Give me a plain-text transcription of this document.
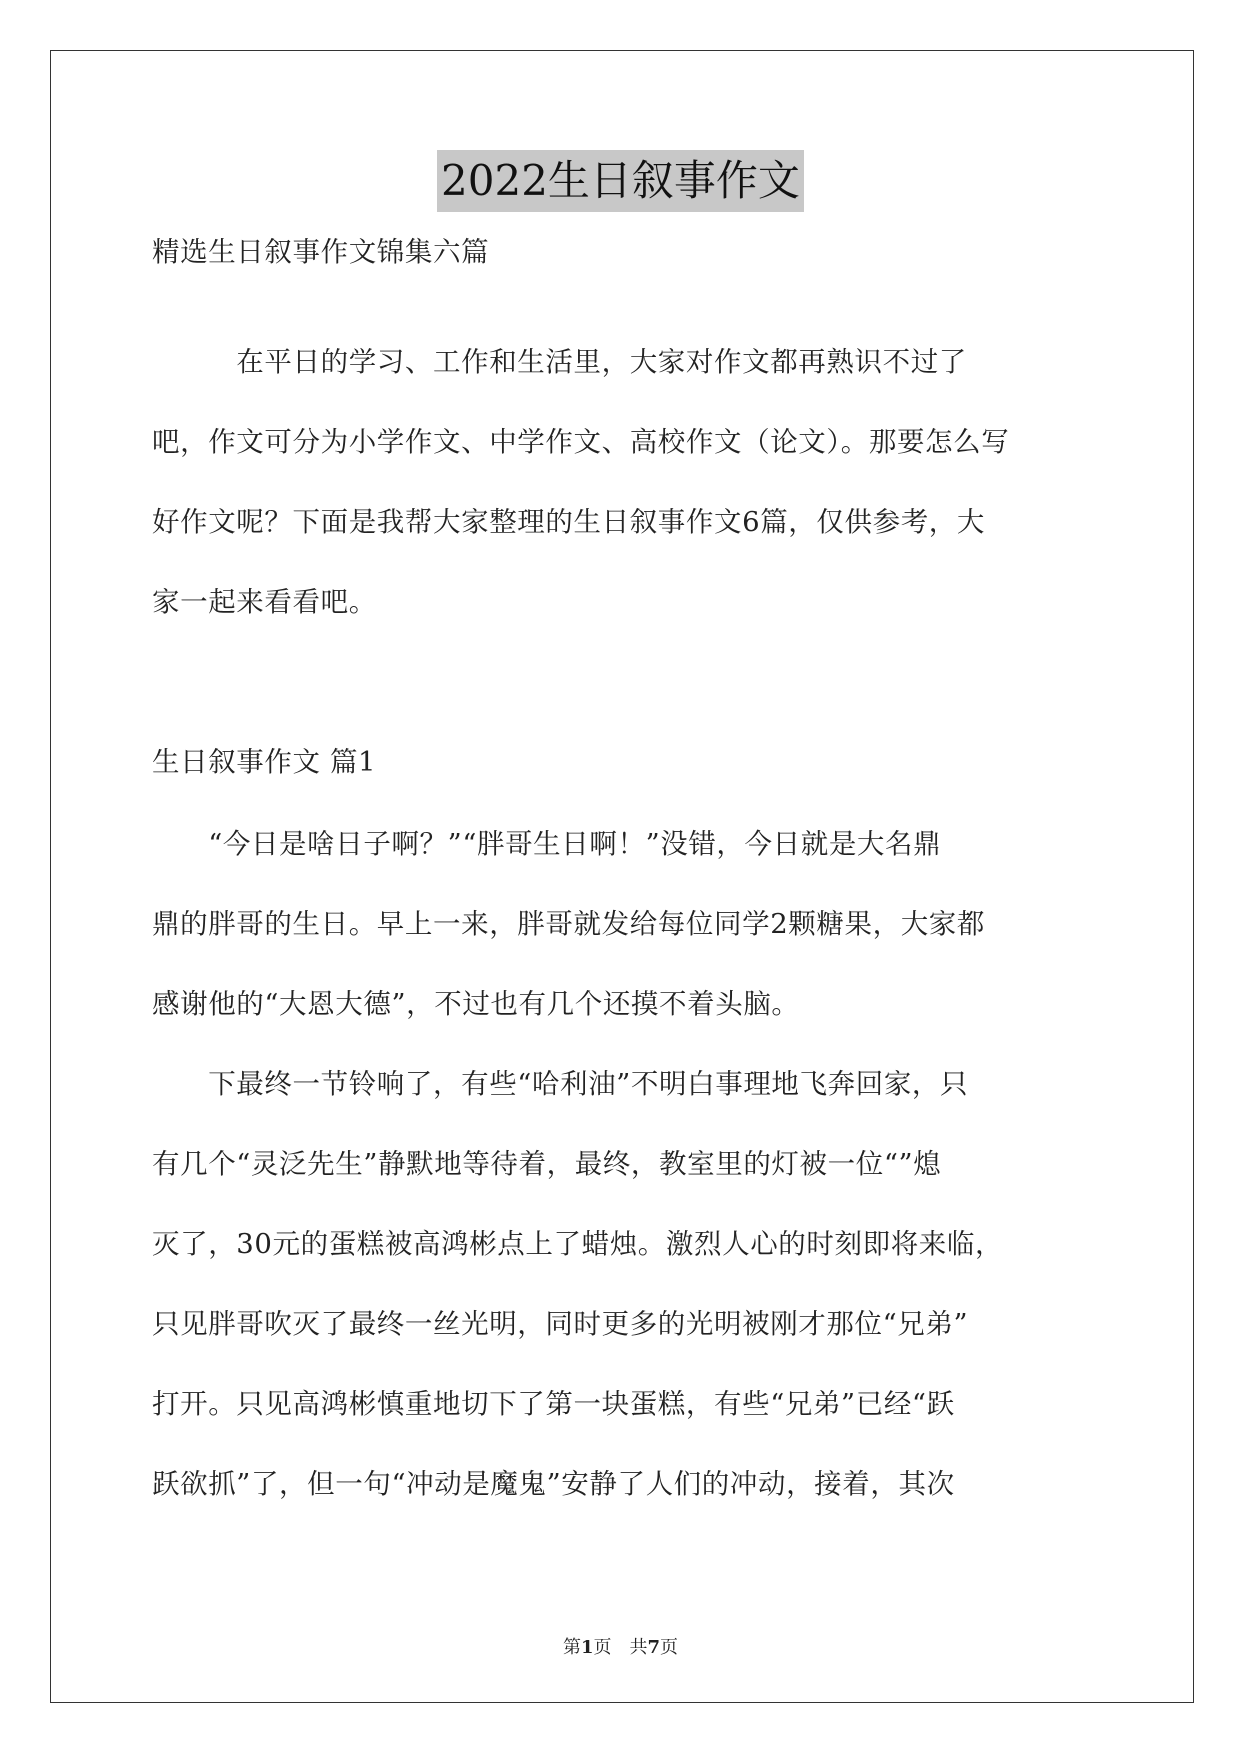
2022生日叙事作文
精选生日叙事作文锦集六篇
　　　在平日的学习、工作和生活里，大家对作文都再熟识不过了
吧，作文可分为小学作文、中学作文、高校作文（论文）。那要怎么写
好作文呢？下面是我帮大家整理的生日叙事作文6篇，仅供参考，大
家一起来看看吧。
生日叙事作文 篇1
　　“今日是啥日子啊？”“胖哥生日啊！”没错，今日就是大名鼎
鼎的胖哥的生日。早上一来，胖哥就发给每位同学2颗糖果，大家都
感谢他的“大恩大德”，不过也有几个还摸不着头脑。
　　下最终一节铃响了，有些“哈利油”不明白事理地飞奔回家，只
有几个“灵泛先生”静默地等待着，最终，教室里的灯被一位“”熄
灭了，30元的蛋糕被高鸿彬点上了蜡烛。激烈人心的时刻即将来临，
只见胖哥吹灭了最终一丝光明，同时更多的光明被刚才那位“兄弟”
打开。只见高鸿彬慎重地切下了第一块蛋糕，有些“兄弟”已经“跃
跃欲抓”了，但一句“冲动是魔鬼”安静了人们的冲动，接着，其次
第1页　共7页
